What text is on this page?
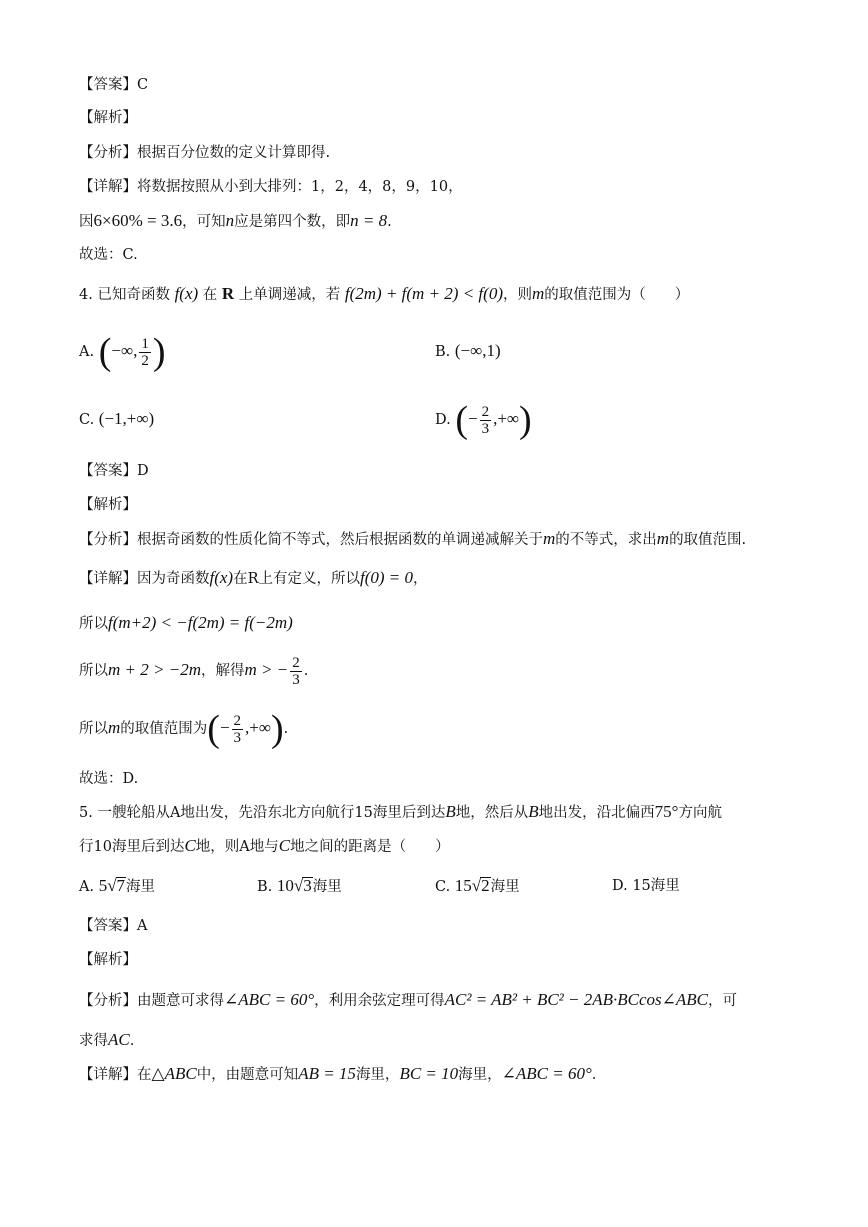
【答案】C
【解析】
【分析】根据百分位数的定义计算即得.
【详解】将数据按照从小到大排列：1，2，4，8，9，10，
因6×60% = 3.6，可知n应是第四个数，即n = 8.
故选：C.
4. 已知奇函数 f(x) 在 R 上单调递减，若 f(2m) + f(m + 2) < f(0)，则m的取值范围为（　　）
A. (−∞, $\frac{1}{2}$ )	B. (−∞,1)
C. (−1,+∞)	D. (− $\frac{2}{3}$ ,+∞)
【答案】D
【解析】
【分析】根据奇函数的性质化简不等式，然后根据函数的单调递减解关于m的不等式，求出m的取值范围.
【详解】因为奇函数f(x)在R上有定义，所以f(0) = 0，
所以f(m+2) < −f(2m) = f(−2m)
所以m + 2 > −2m，解得m > − $\frac{2}{3}$ .
所以m的取值范围为(− $\frac{2}{3}$ ,+∞).
故选：D.
5. 一艘轮船从A地出发，先沿东北方向航行15海里后到达B地，然后从B地出发，沿北偏西75°方向航
行10海里后到达C地，则A地与C地之间的距离是（　　）
A. 5√7海里	B. 10√3海里	C. 15√2海里	D. 15海里
【答案】A
【解析】
【分析】由题意可求得∠ABC = 60°，利用余弦定理可得AC² = AB² + BC² − 2AB·BCcos∠ABC，可
求得AC.
【详解】在△ABC中，由题意可知AB = 15海里，BC = 10海里，∠ABC = 60°.
